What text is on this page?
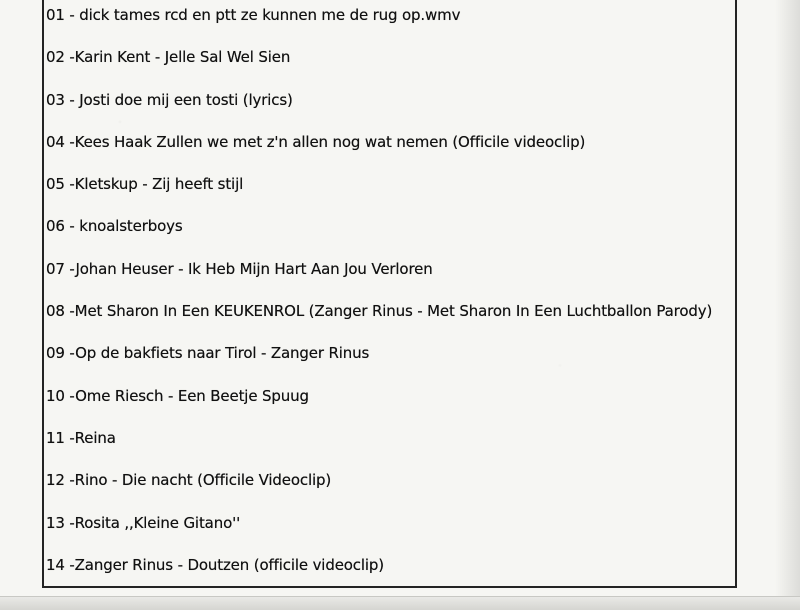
01 - dick tames rcd en ptt ze kunnen me de rug op.wmv
02 -Karin Kent - Jelle Sal Wel Sien
03 - Josti doe mij een tosti (lyrics)
04 -Kees Haak Zullen we met z'n allen nog wat nemen (Officile videoclip)
05 -Kletskup - Zij heeft stijl
06 - knoalsterboys
07 -Johan Heuser - Ik Heb Mijn Hart Aan Jou Verloren
08 -Met Sharon In Een KEUKENROL (Zanger Rinus - Met Sharon In Een Luchtballon Parody)
09 -Op de bakfiets naar Tirol - Zanger Rinus
10 -Ome Riesch - Een Beetje Spuug
11 -Reina
12 -Rino - Die nacht (Officile Videoclip)
13 -Rosita ,,Kleine Gitano''
14 -Zanger Rinus - Doutzen (officile videoclip)
